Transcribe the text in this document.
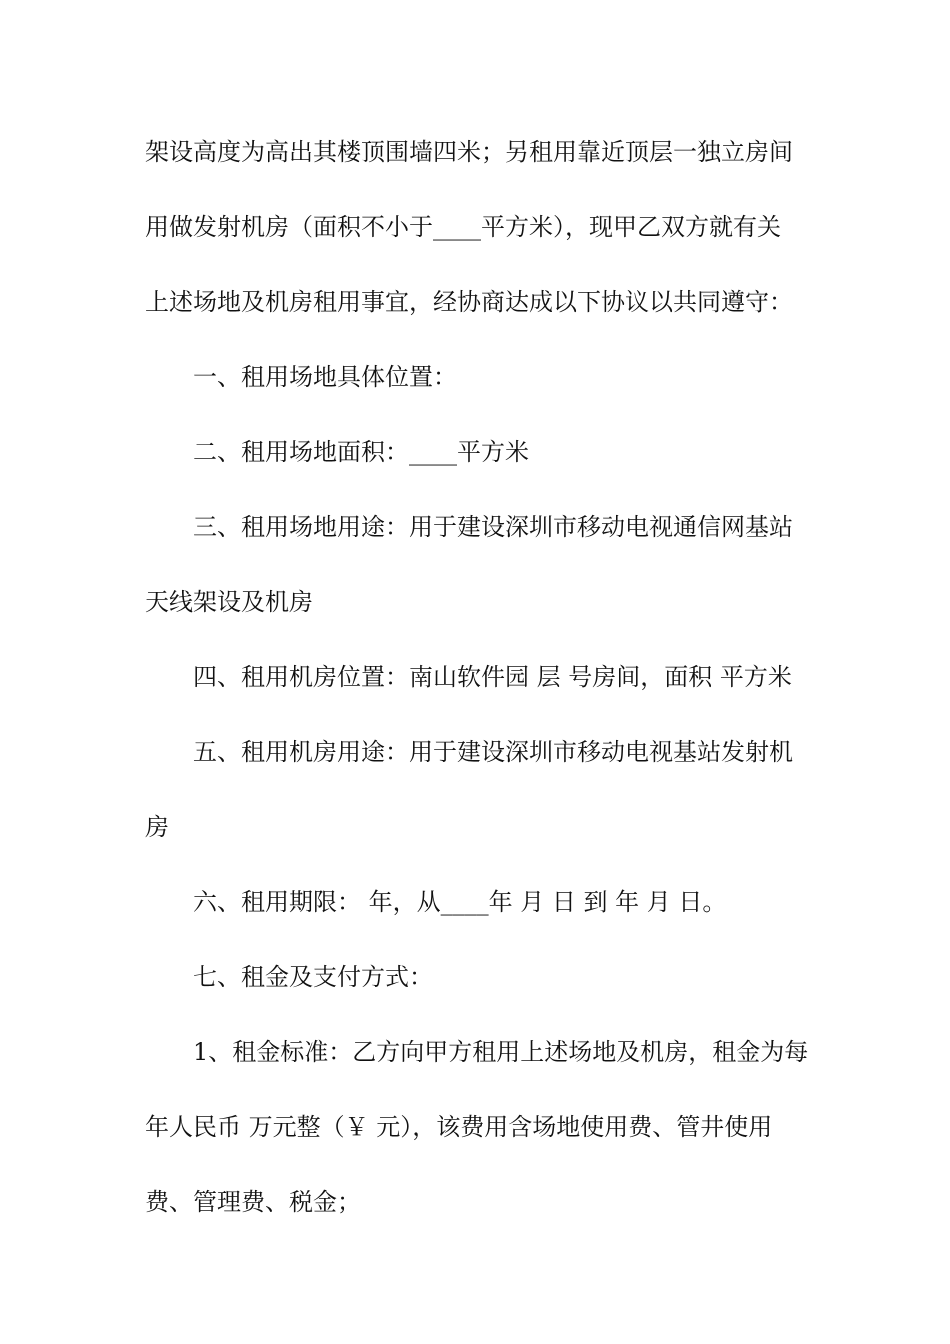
架设高度为高出其楼顶围墙四米；另租用靠近顶层一独立房间

用做发射机房（面积不小于____平方米），现甲乙双方就有关

上述场地及机房租用事宜，经协商达成以下协议以共同遵守：

一、租用场地具体位置：

二、租用场地面积：____平方米

三、租用场地用途：用于建设深圳市移动电视通信网基站

天线架设及机房

四、租用机房位置：南山软件园 层 号房间，面积 平方米

五、租用机房用途：用于建设深圳市移动电视基站发射机

房

六、租用期限： 年，从____年 月 日 到 年 月 日。

七、租金及支付方式：

1、租金标准：乙方向甲方租用上述场地及机房，租金为每

年人民币 万元整（￥ 元），该费用含场地使用费、管井使用

费、管理费、税金；
